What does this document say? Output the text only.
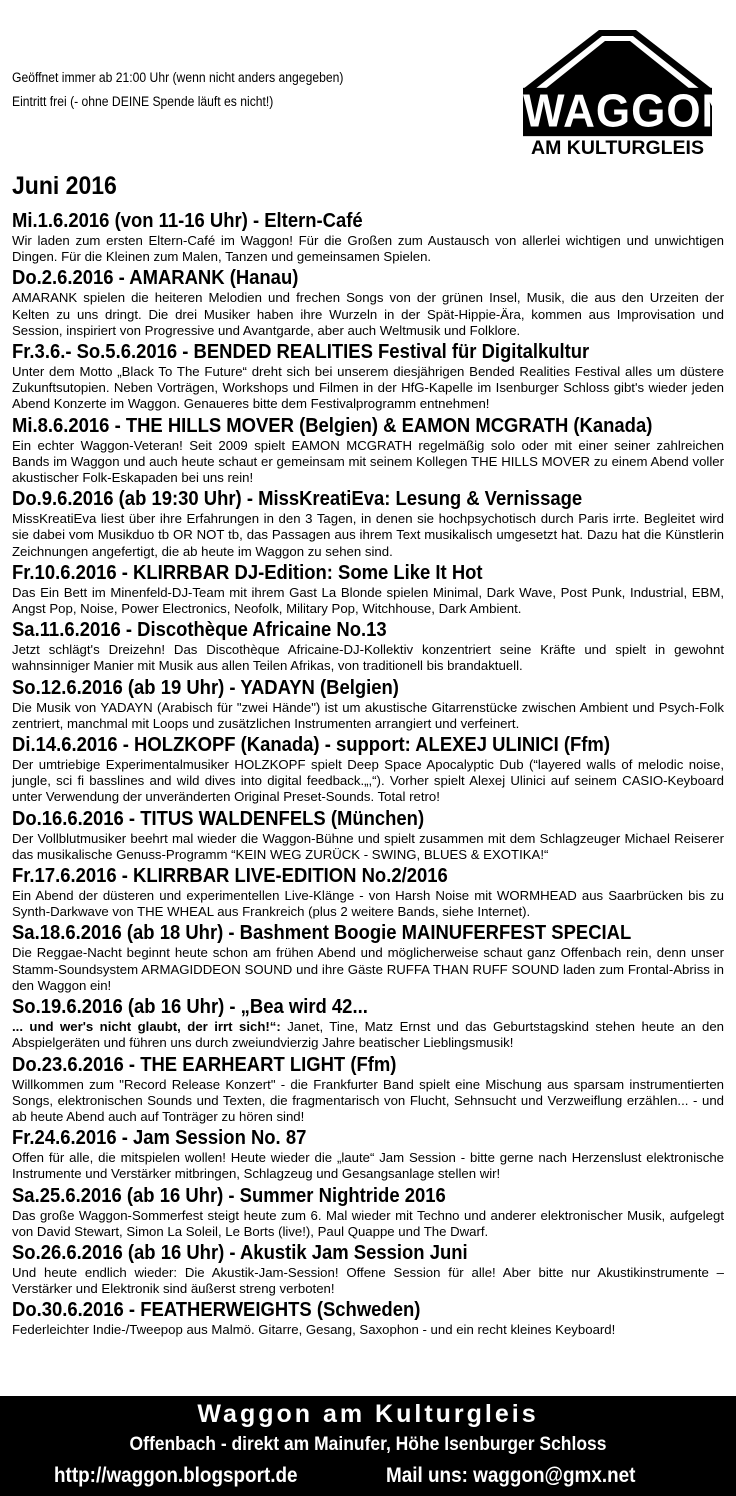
Geöffnet immer ab 21:00 Uhr (wenn nicht anders angegeben)
Eintritt frei (- ohne DEINE Spende läuft es nicht!)	WAGGON
AM KULTURGLEIS
Juni 2016
Mi.1.6.2016 (von 11-16 Uhr) - Eltern-Café
Wir laden zum ersten Eltern-Café im Waggon! Für die Großen zum Austausch von allerlei wichtigen und unwichtigen Dingen. Für die Kleinen zum Malen, Tanzen und gemeinsamen Spielen.
Do.2.6.2016 - AMARANK (Hanau)
AMARANK spielen die heiteren Melodien und frechen Songs von der grünen Insel, Musik, die aus den Urzeiten der Kelten zu uns dringt. Die drei Musiker haben ihre Wurzeln in der Spät-Hippie-Ära, kommen aus Improvisation und Session, inspiriert von Progressive und Avantgarde, aber auch Weltmusik und Folklore.
Fr.3.6.- So.5.6.2016 - BENDED REALITIES Festival für Digitalkultur
Unter dem Motto „Black To The Future“ dreht sich bei unserem diesjährigen Bended Realities Festival alles um düstere Zukunftsutopien. Neben Vorträgen, Workshops und Filmen in der HfG-Kapelle im Isenburger Schloss gibt's wieder jeden Abend Konzerte im Waggon. Genaueres bitte dem Festivalprogramm entnehmen!
Mi.8.6.2016 - THE HILLS MOVER (Belgien) & EAMON MCGRATH (Kanada)
Ein echter Waggon-Veteran! Seit 2009 spielt EAMON MCGRATH regelmäßig solo oder mit einer seiner zahlreichen Bands im Waggon und auch heute schaut er gemeinsam mit seinem Kollegen THE HILLS MOVER zu einem Abend voller akustischer Folk-Eskapaden bei uns rein!
Do.9.6.2016 (ab 19:30 Uhr) - MissKreatiEva: Lesung & Vernissage
MissKreatiEva liest über ihre Erfahrungen in den 3 Tagen, in denen sie hochpsychotisch durch Paris irrte. Begleitet wird sie dabei vom Musikduo tb OR NOT tb, das Passagen aus ihrem Text musikalisch umgesetzt hat. Dazu hat die Künstlerin Zeichnungen angefertigt, die ab heute im Waggon zu sehen sind.
Fr.10.6.2016 - KLIRRBAR DJ-Edition: Some Like It Hot
Das Ein Bett im Minenfeld-DJ-Team mit ihrem Gast La Blonde spielen Minimal, Dark Wave, Post Punk, Industrial, EBM, Angst Pop, Noise, Power Electronics, Neofolk, Military Pop, Witchhouse, Dark Ambient.
Sa.11.6.2016 - Discothèque Africaine No.13
Jetzt schlägt's Dreizehn! Das Discothèque Africaine-DJ-Kollektiv konzentriert seine Kräfte und spielt in gewohnt wahnsinniger Manier mit Musik aus allen Teilen Afrikas, von traditionell bis brandaktuell.
So.12.6.2016 (ab 19 Uhr) - YADAYN (Belgien)
Die Musik von YADAYN (Arabisch für "zwei Hände") ist um akustische Gitarrenstücke zwischen Ambient und Psych-Folk zentriert, manchmal mit Loops und zusätzlichen Instrumenten arrangiert und verfeinert.
Di.14.6.2016 - HOLZKOPF (Kanada) - support: ALEXEJ ULINICI (Ffm)
Der umtriebige Experimentalmusiker HOLZKOPF spielt Deep Space Apocalyptic Dub (“layered walls of melodic noise, jungle, sci fi basslines and wild dives into digital feedback.„,“). Vorher spielt Alexej Ulinici auf seinem CASIO-Keyboard unter Verwendung der unveränderten Original Preset-Sounds. Total retro!
Do.16.6.2016 - TITUS WALDENFELS (München)
Der Vollblutmusiker beehrt mal wieder die Waggon-Bühne und spielt zusammen mit dem Schlagzeuger Michael Reiserer das musikalische Genuss-Programm “KEIN WEG ZURÜCK - SWING, BLUES & EXOTIKA!“
Fr.17.6.2016 - KLIRRBAR LIVE-EDITION No.2/2016
Ein Abend der düsteren und experimentellen Live-Klänge - von Harsh Noise mit WORMHEAD aus Saarbrücken bis zu Synth-Darkwave von THE WHEAL aus Frankreich (plus 2 weitere Bands, siehe Internet).
Sa.18.6.2016 (ab 18 Uhr) - Bashment Boogie MAINUFERFEST SPECIAL
Die Reggae-Nacht beginnt heute schon am frühen Abend und möglicherweise schaut ganz Offenbach rein, denn unser Stamm-Soundsystem ARMAGIDDEON SOUND und ihre Gäste RUFFA THAN RUFF SOUND laden zum Frontal-Abriss in den Waggon ein!
So.19.6.2016 (ab 16 Uhr) - „Bea wird 42...
... und wer's nicht glaubt, der irrt sich!“: Janet, Tine, Matz Ernst und das Geburtstagskind stehen heute an den Abspielgeräten und führen uns durch zweiundvierzig Jahre beatischer Lieblingsmusik!
Do.23.6.2016 - THE EARHEART LIGHT (Ffm)
Willkommen zum "Record Release Konzert" - die Frankfurter Band spielt eine Mischung aus sparsam instrumentierten Songs, elektronischen Sounds und Texten, die fragmentarisch von Flucht, Sehnsucht und Verzweiflung erzählen... - und ab heute Abend auch auf Tonträger zu hören sind!
Fr.24.6.2016 - Jam Session No. 87
Offen für alle, die mitspielen wollen! Heute wieder die „laute“ Jam Session - bitte gerne nach Herzenslust elektronische Instrumente und Verstärker mitbringen, Schlagzeug und Gesangsanlage stellen wir!
Sa.25.6.2016 (ab 16 Uhr) - Summer Nightride 2016
Das große Waggon-Sommerfest steigt heute zum 6. Mal wieder mit Techno und anderer elektronischer Musik, aufgelegt von David Stewart, Simon La Soleil, Le Borts (live!), Paul Quappe und The Dwarf.
So.26.6.2016 (ab 16 Uhr) - Akustik Jam Session Juni
Und heute endlich wieder: Die Akustik-Jam-Session! Offene Session für alle! Aber bitte nur Akustikinstrumente – Verstärker und Elektronik sind äußerst streng verboten!
Do.30.6.2016 - FEATHERWEIGHTS (Schweden)
Federleichter Indie-/Tweepop aus Malmö. Gitarre, Gesang, Saxophon - und ein recht kleines Keyboard!
Waggon am Kulturgleis
Offenbach - direkt am Mainufer, Höhe Isenburger Schloss
http://waggon.blogsport.de	Mail uns: waggon@gmx.net
